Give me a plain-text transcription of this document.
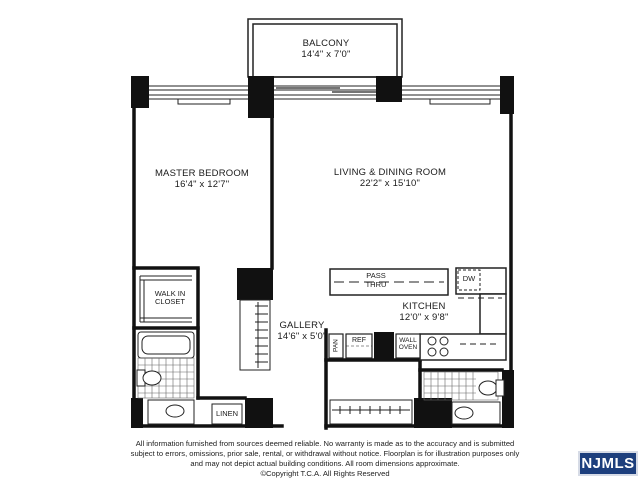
BALCONY
14'4" x 7'0"
MASTER BEDROOM
16'4" x 12'7"
LIVING & DINING ROOM
22'2" x 15'10"
KITCHEN
12'0" x 9'8"
GALLERY
14'6" x 5'0"
WALK IN
CLOSET
LINEN
PASS
THRU
DW
WALL
OVEN
REF
PAN
All information furnished from sources deemed reliable. No warranty is made as to the accuracy and is submitted
subject to errors, omissions, prior sale, rental, or withdrawal without notice. Floorplan is for illustration purposes only
and may not depict actual building conditions. All room dimensions approximate.
©Copyright T.C.A. All Rights Reserved
NJMLS
